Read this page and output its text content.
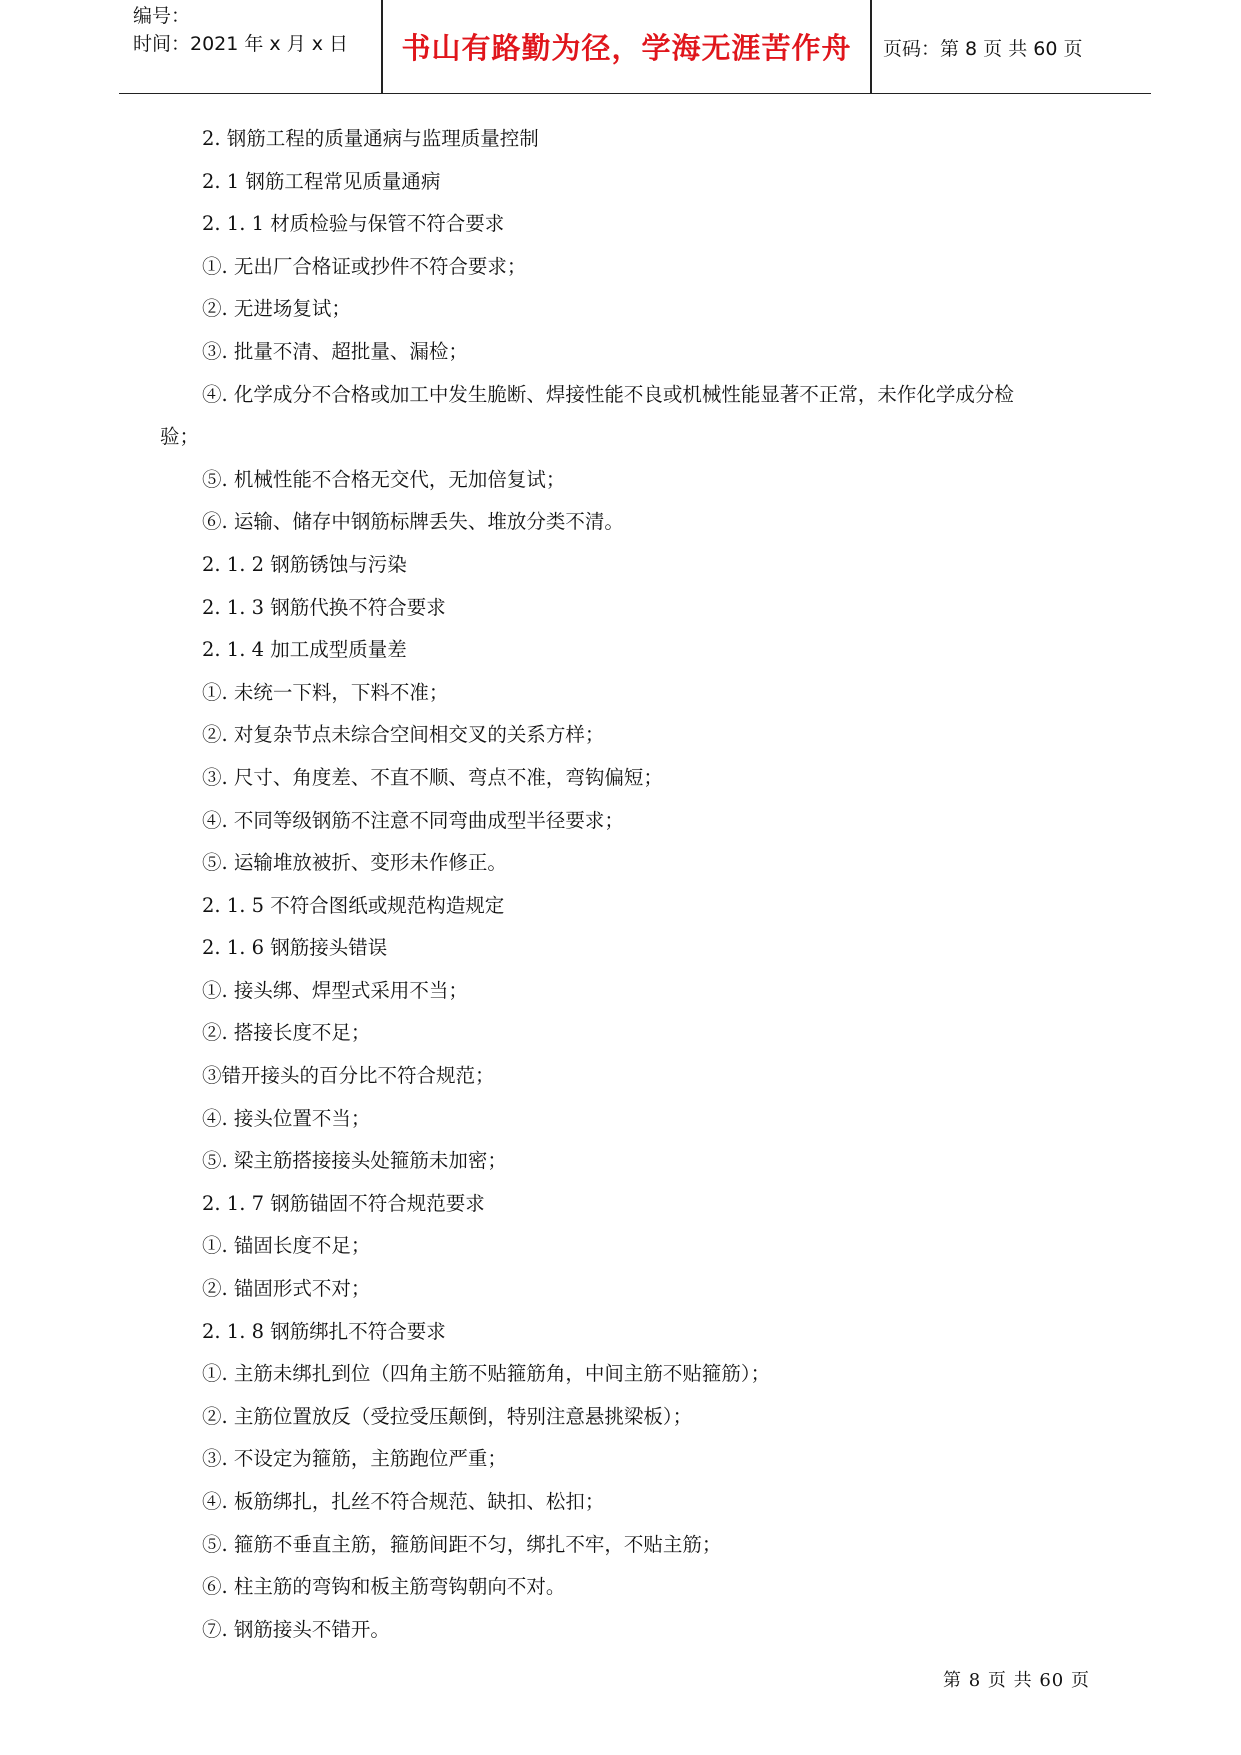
编号：
时间：2021 年 x 月 x 日	书山有路勤为径，学海无涯苦作舟	页码：第 8 页 共 60 页
2. 钢筋工程的质量通病与监理质量控制
2. 1 钢筋工程常见质量通病
2. 1. 1 材质检验与保管不符合要求
①. 无出厂合格证或抄件不符合要求；
②. 无进场复试；
③. 批量不清、超批量、漏检；
④. 化学成分不合格或加工中发生脆断、焊接性能不良或机械性能显著不正常，未作化学成分检
验；
⑤. 机械性能不合格无交代，无加倍复试；
⑥. 运输、储存中钢筋标牌丢失、堆放分类不清。
2. 1. 2 钢筋锈蚀与污染
2. 1. 3 钢筋代换不符合要求
2. 1. 4 加工成型质量差
①. 未统一下料，下料不准；
②. 对复杂节点未综合空间相交叉的关系方样；
③. 尺寸、角度差、不直不顺、弯点不准，弯钩偏短；
④. 不同等级钢筋不注意不同弯曲成型半径要求；
⑤. 运输堆放被折、变形未作修正。
2. 1. 5 不符合图纸或规范构造规定
2. 1. 6 钢筋接头错误
①. 接头绑、焊型式采用不当；
②. 搭接长度不足；
③错开接头的百分比不符合规范；
④. 接头位置不当；
⑤. 梁主筋搭接接头处箍筋未加密；
2. 1. 7 钢筋锚固不符合规范要求
①. 锚固长度不足；
②. 锚固形式不对；
2. 1. 8 钢筋绑扎不符合要求
①. 主筋未绑扎到位（四角主筋不贴箍筋角，中间主筋不贴箍筋）；
②. 主筋位置放反（受拉受压颠倒，特别注意悬挑梁板）；
③. 不设定为箍筋，主筋跑位严重；
④. 板筋绑扎，扎丝不符合规范、缺扣、松扣；
⑤. 箍筋不垂直主筋，箍筋间距不匀，绑扎不牢，不贴主筋；
⑥. 柱主筋的弯钩和板主筋弯钩朝向不对。
⑦. 钢筋接头不错开。
第 8 页 共 60 页
